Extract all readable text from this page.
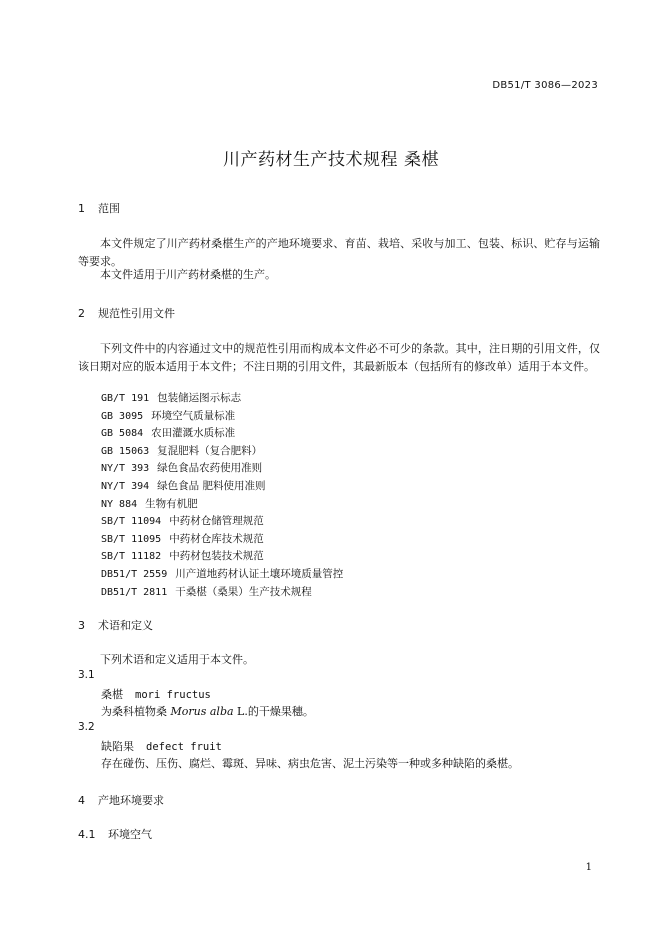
DB51/T 3086—2023
川产药材生产技术规程 桑椹
1 范围
本文件规定了川产药材桑椹生产的产地环境要求、育苗、栽培、采收与加工、包装、标识、贮存与运输等要求。
本文件适用于川产药材桑椹的生产。
2 规范性引用文件
下列文件中的内容通过文中的规范性引用而构成本文件必不可少的条款。其中，注日期的引用文件，仅该日期对应的版本适用于本文件；不注日期的引用文件，其最新版本（包括所有的修改单）适用于本文件。
GB/T 191 包装储运图示标志
GB 3095 环境空气质量标准
GB 5084 农田灌溉水质标准
GB 15063 复混肥料（复合肥料）
NY/T 393 绿色食品农药使用准则
NY/T 394 绿色食品 肥料使用准则
NY 884 生物有机肥
SB/T 11094 中药材仓储管理规范
SB/T 11095 中药材仓库技术规范
SB/T 11182 中药材包装技术规范
DB51/T 2559 川产道地药材认证土壤环境质量管控
DB51/T 2811 干桑椹（桑果）生产技术规程
3 术语和定义
下列术语和定义适用于本文件。
3.1
桑椹 mori fructus
为桑科植物桑 Morus alba L.的干燥果穗。
3.2
缺陷果 defect fruit
存在碰伤、压伤、腐烂、霉斑、异味、病虫危害、泥土污染等一种或多种缺陷的桑椹。
4 产地环境要求
4.1 环境空气
1
